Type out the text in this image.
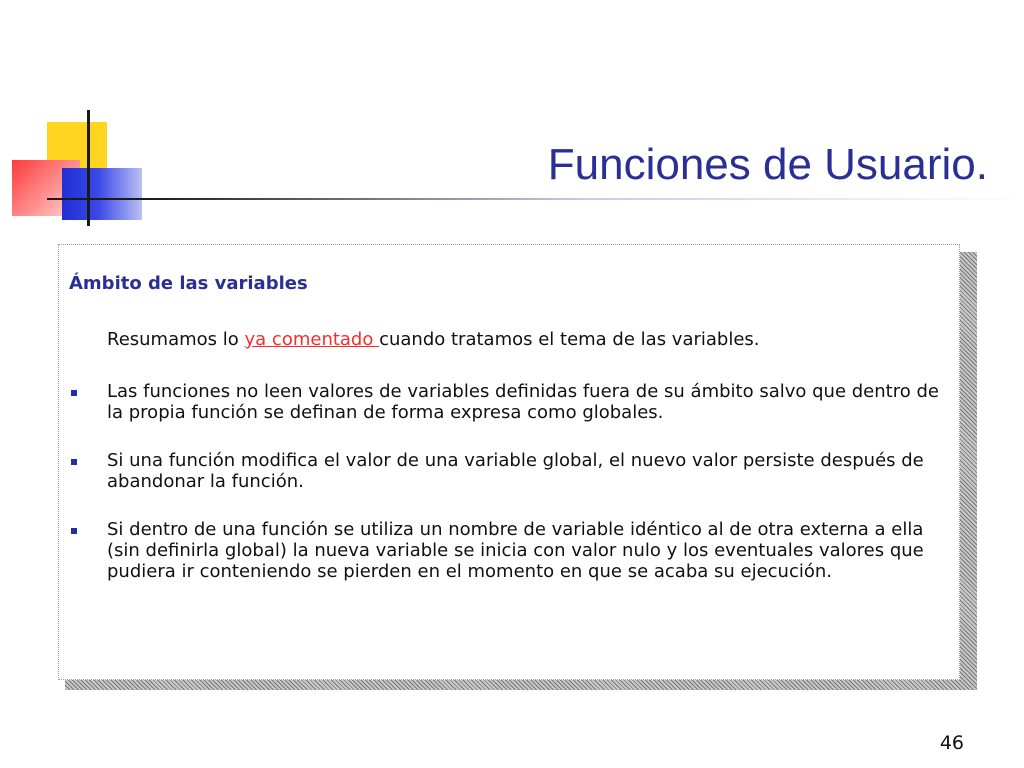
Funciones de Usuario.

Ámbito de las variables

Resumamos lo ya comentado cuando tratamos el tema de las variables.

Las funciones no leen valores de variables definidas fuera de su ámbito salvo que dentro de la propia función se definan de forma expresa como globales.
Si una función modifica el valor de una variable global, el nuevo valor persiste después de abandonar la función.
Si dentro de una función se utiliza un nombre de variable idéntico al de otra externa a ella (sin definirla global) la nueva variable se inicia con valor nulo y los eventuales valores que pudiera ir conteniendo se pierden en el momento en que se acaba su ejecución.
46
